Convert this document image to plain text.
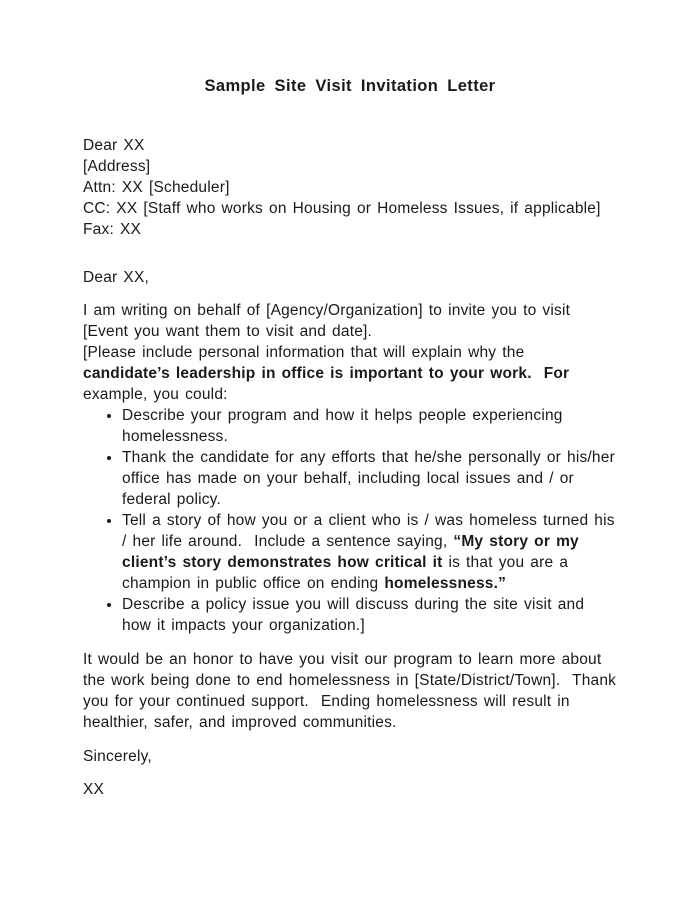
Sample Site Visit Invitation Letter

Dear XX

[Address]

Attn: XX [Scheduler]

CC: XX [Staff who works on Housing or Homeless Issues, if applicable]

Fax: XX

Dear XX,

I am writing on behalf of [Agency/Organization] to invite you to visit [Event you want them to visit and date].

[Please include personal information that will explain why the candidate’s leadership in office is important to your work.  For example, you could:

• Describe your program and how it helps people experiencing homelessness.
• Thank the candidate for any efforts that he/she personally or his/her office has made on your behalf, including local issues and / or federal policy.
• Tell a story of how you or a client who is / was homeless turned his / her life around.  Include a sentence saying, “My story or my client’s story demonstrates how critical it is that you are a champion in public office on ending homelessness.”
• Describe a policy issue you will discuss during the site visit and how it impacts your organization.]

It would be an honor to have you visit our program to learn more about the work being done to end homelessness in [State/District/Town].  Thank you for your continued support.  Ending homelessness will result in healthier, safer, and improved communities.

Sincerely,

XX
